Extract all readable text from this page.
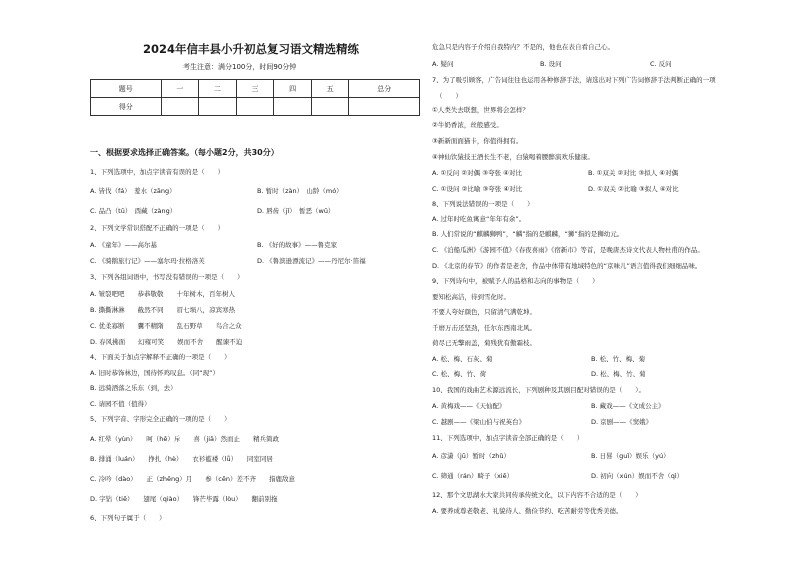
2024年信丰县小升初总复习语文精选精练
考生注意：满分100分，时间90分钟
题号	一	二	三	四	五	总分
得分						
一、根据要求选择正确答案。（每小题2分，共30分）
1、下列选项中，加点字读音有误的是（　　）
A. 皆伐（fá）　羞水（zāng）	B. 暂时（zàn）　山龄（mó）
C. 品凸（tū）　酉藏（zàng）	D. 唇齿（jǐ）　暂恶（wū）
2、下列文学常识搭配不正确的一项是（　　）
A. 《童年》——高尔基	B. 《好的故事》——鲁克家
C. 《骑鹅旅行记》——塞尔玛·拉格洛芙	D. 《鲁滨逊漂流记》——丹尼尔·笛福
3、下列各组词语中，书写没有错误的一项是（　　）
A. 皱裂吧吧　　恭恭敬敬　　十年树木，百年树人
B. 撕撕淋淋　　截然不同　　眉七埙八，凉宾寒热
C. 优柔寡断　　囊不精隋　　乱石野草　　鸟合之众
D. 春风拂面　　幻雍可笑　　娱而不舍　　醒谏不迫
4、下面关于加点字解释不正确的一项是（　　）
A. 旧时恭饰林边，国待怀鸡叹息。（同“现”）
B. 远骑洒落之乐东（到，去）
C. 请园不值（值得）
5、下列字音、字形完全正确的一项的是（　　）
A. 红晕（yùn）　　呵（hē）斥　　喜（jiā）然而止　　精兵简政
B. 排涌（luán）　　挣扎（hè）　　衣衫褴褛（lǚ）　　同室同居
C. 冷吟（dào）　　正（zhēng）月　　参（cēn）差不齐　　指鹿敌意
D. 字钻（tiē）　　翅尾（qiào）　　锋芒毕露（lòu）　　翻前别拖
6、下列句子属于（　　）
危急只是内容子介绍自我特内？不是的，他也在表自看自己心。
A. 疑问	B. 设问	C. 反问
7、为了吸引顾客，广告词往往也运用各种修辞手法，请选出对下列广告词修辞手法判断正确的一项
（　　）
①人类失去联想，世界将会怎样？
②牛奶香浓，丝般感受。
③新新面面猫卡，你值得拥有。
④神仙饮猿技王酒长生不老，白猿喝着腰醉演欢乐健康。
A. ①反问 ②对偶 ③夸张 ④对比	B. ①双关 ②对比 ③拟人 ④对偶
C. ①设问 ②比喻 ③夸张 ④对比	D. ①双关 ②比喻 ③拟人 ④对比
8、下列说法错误的一项是（　　）
A. 过年时吃鱼寓意“年年有余”。
B. 人们常说的“麒麟狮鸭”，“麟”指的是麒麟，“狮”指的是狮幼元。
C. 《泊船瓜洲》《游园不值》《春夜喜雨》《宿新市》等首，是晚唐杰诗文代表人物杜甫的作品。
D. 《北京的春节》的作者是老舍，作品中体带有地域特色的“京味儿”语言值得我们细细品味。
9、下列诗句中，被赋予人的品格和志向的事物是（　　）
要知松高洁，待到雪化时。
不要人夸好颜色，只留清气满乾坤。
千磨万击还坚劲，任尔东西南北风。
荷尽已无擎雨盖，菊残犹有傲霜枝。
A. 松、梅、石灰、菊	B. 松、竹、梅、菊
C. 松、梅、竹、荷	D. 松、梅、竹、菊
10、我国的戏曲艺术源远流长，下列剧种及其剧目配对错误的是（　　）。
A. 黄梅戏——《天仙配》	B. 藏戏——《文成公主》
C. 越剧——《梁山伯与祝英台》	D. 京剧——《窦娥》
11、下列选项中，加点字读音全部正确的是（　　）
A. 彦潇（jū）暂时（zhǔ）	B. 日晷（guǐ）娱乐（yú）
C. 筛通（rán）畸子（xiē）	D. 初向（xún）娱而不舍（qì）
12、那个文思湖水大家共同传承传统文化，以下内容不合适的是（　　）
A. 要养成尊老敬老、礼貌待人、勤俭节约、吃苦耐劳等优秀美德。
